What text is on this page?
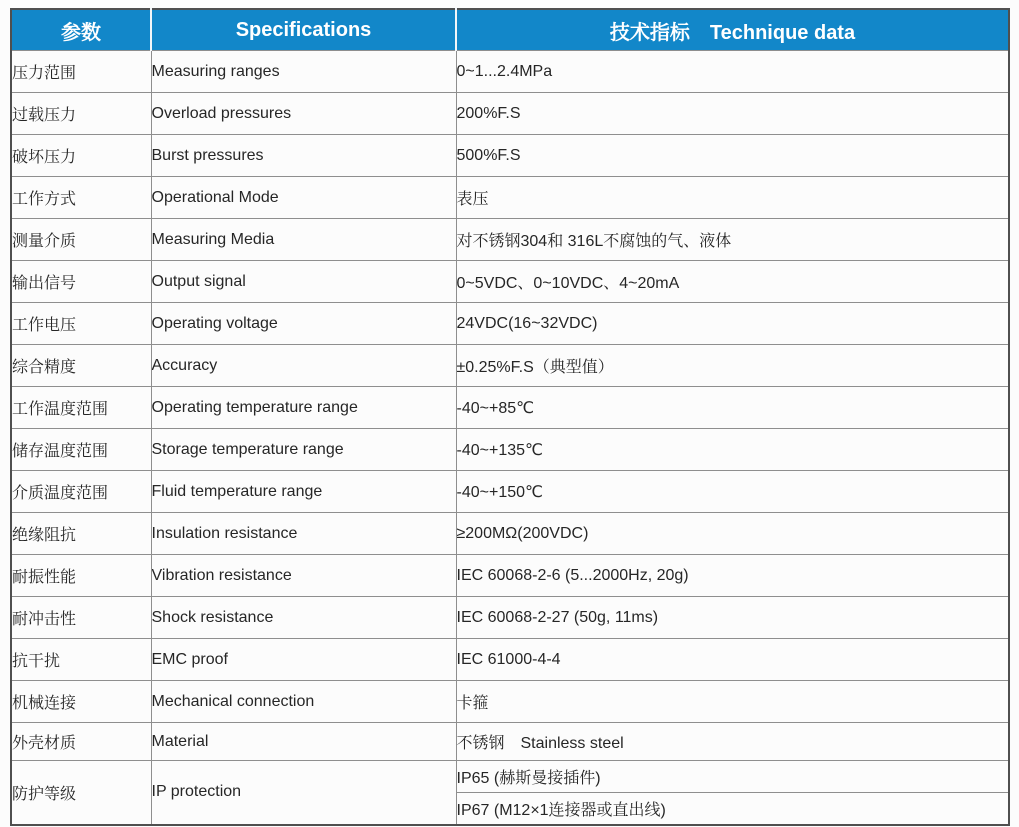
参数	Specifications	技术指标　Technique data
压力范围	Measuring ranges	0~1...2.4MPa
过载压力	Overload pressures	200%F.S
破坏压力	Burst pressures	500%F.S
工作方式	Operational Mode	表压
测量介质	Measuring Media	对不锈钢304和 316L不腐蚀的气、液体
输出信号	Output signal	0~5VDC、0~10VDC、4~20mA
工作电压	Operating voltage	24VDC(16~32VDC)
综合精度	Accuracy	±0.25%F.S（典型值）
工作温度范围	Operating temperature range	-40~+85℃
储存温度范围	Storage temperature range	-40~+135℃
介质温度范围	Fluid temperature range	-40~+150℃
绝缘阻抗	Insulation resistance	≥200MΩ(200VDC)
耐振性能	Vibration resistance	IEC 60068-2-6 (5...2000Hz, 20g)
耐冲击性	Shock resistance	IEC 60068-2-27 (50g, 11ms)
抗干扰	EMC proof	IEC 61000-4-4
机械连接	Mechanical connection	卡箍
外壳材质	Material	不锈钢　Stainless steel
防护等级	IP protection	IP65 (赫斯曼接插件)
		IP67 (M12×1连接器或直出线)
